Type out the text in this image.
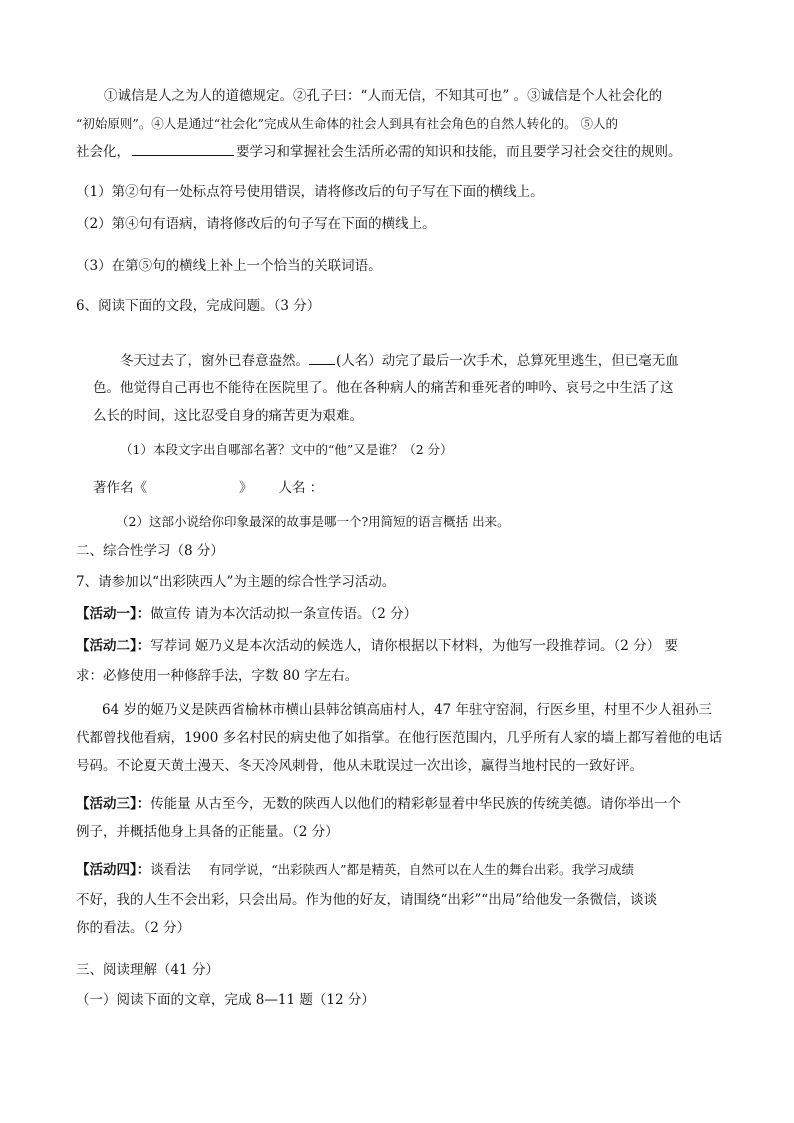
①诚信是人之为人的道德规定。②孔子曰：“人而无信，不知其可也” 。③诚信是个人社会化的
“初始原则”。④人是通过“社会化”完成从生命体的社会人到具有社会角色的自然人转化的。 ⑤人的
社会化，	要学习和掌握社会生活所必需的知识和技能，而且要学习社会交往的规则。
（1）第②句有一处标点符号使用错误，请将修改后的句子写在下面的横线上。
（2）第④句有语病，请将修改后的句子写在下面的横线上。
（3）在第⑤句的横线上补上一个恰当的关联词语。
6、阅读下面的文段，完成问题。（3 分）
冬天过去了，窗外已春意盎然。 (人名）动完了最后一次手术，总算死里逃生，但已毫无血
色。他觉得自己再也不能待在医院里了。他在各种病人的痛苦和垂死者的呻吟、哀号之中生活了这
么长的时间，这比忍受自身的痛苦更为艰难。
（1）本段文字出自哪部名著？文中的“他”又是谁？（2 分）
著作名《	》 人名 ：
（2）这部小说给你印象最深的故事是哪一个?用简短的语言概括 出来。
二、综合性学习（8 分）
7、请参加以“出彩陕西人”为主题的综合性学习活动。
【活动一】：做宣传 请为本次活动拟一条宣传语。（2 分）
【活动二】：写荐词 姬乃义是本次活动的候选人，请你根据以下材料，为他写一段推荐词。（2 分） 要
求：必修使用一种修辞手法，字数 80 字左右。
64 岁的姬乃义是陕西省榆林市横山县韩岔镇高庙村人，47 年驻守窑洞，行医乡里，村里不少人祖孙三
代都曾找他看病，1900 多名村民的病史他了如指掌。在他行医范围内，几乎所有人家的墙上都写着他的电话
号码。不论夏天黄土漫天、冬天冷风刺骨，他从未耽误过一次出诊，赢得当地村民的一致好评。
【活动三】：传能量 从古至今，无数的陕西人以他们的精彩彰显着中华民族的传统美德。请你举出一个
例子，并概括他身上具备的正能量。（2 分）
【活动四】：谈看法 有同学说，“出彩陕西人”都是精英，自然可以在人生的舞台出彩。我学习成绩
不好，我的人生不会出彩，只会出局。作为他的好友，请围绕“出彩”“出局”给他发一条微信，谈谈
你的看法。（2 分）
三、阅读理解（41 分）
（一）阅读下面的文章，完成 8—11 题（12 分）
